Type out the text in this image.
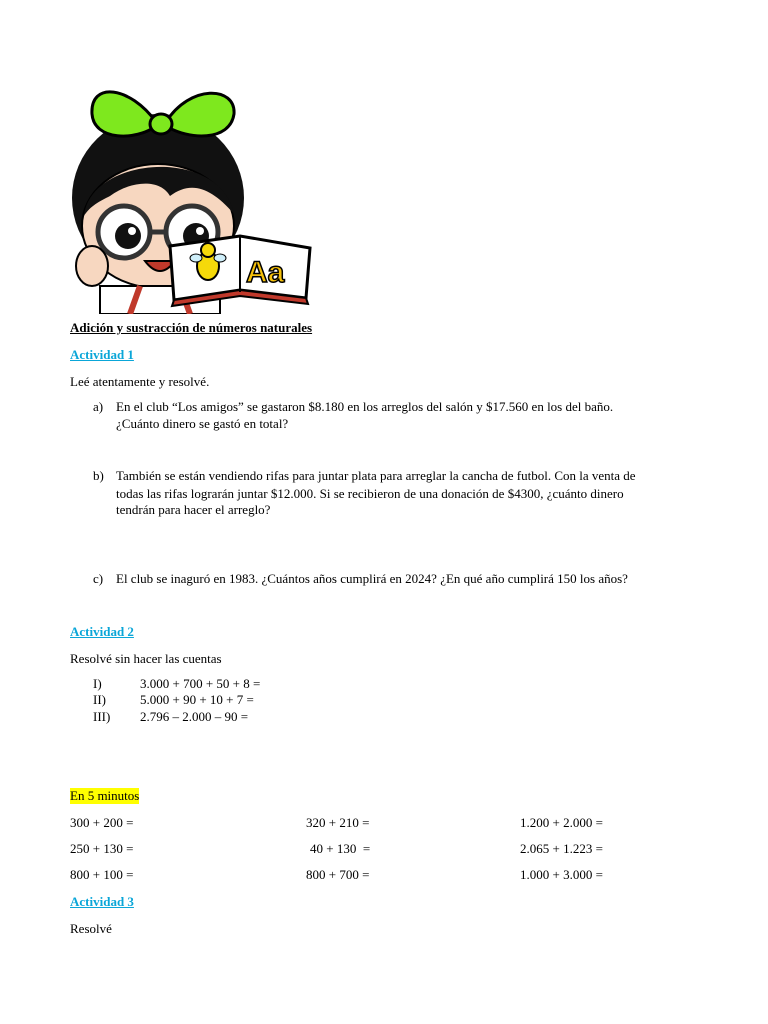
Aa
Adición y sustracción de números naturales
Actividad 1
Leé atentamente y resolvé.
a) En el club “Los amigos” se gastaron $8.180 en los arreglos del salón y $17.560 en los del baño.
¿Cuánto dinero se gastó en total?
b) También se están vendiendo rifas para juntar plata para arreglar la cancha de futbol. Con la venta de
todas las rifas lograrán juntar $12.000. Si se recibieron de una donación de $4300, ¿cuánto dinero
tendrán para hacer el arreglo?
c) El club se inaguró en 1983. ¿Cuántos años cumplirá en 2024? ¿En qué año cumplirá 150 los años?
Actividad 2
Resolvé sin hacer las cuentas
I)	3.000 + 700 + 50 + 8 =
II)	5.000 + 90 + 10 + 7 =
III) 2.796 – 2.000 – 90 =
En 5 minutos
300 + 200 =	320 + 210 =	1.200 + 2.000 =
250 + 130 =	40 + 130  =	2.065 + 1.223 =
800 + 100 =	800 + 700 =	1.000 + 3.000 =
Actividad 3
Resolvé
